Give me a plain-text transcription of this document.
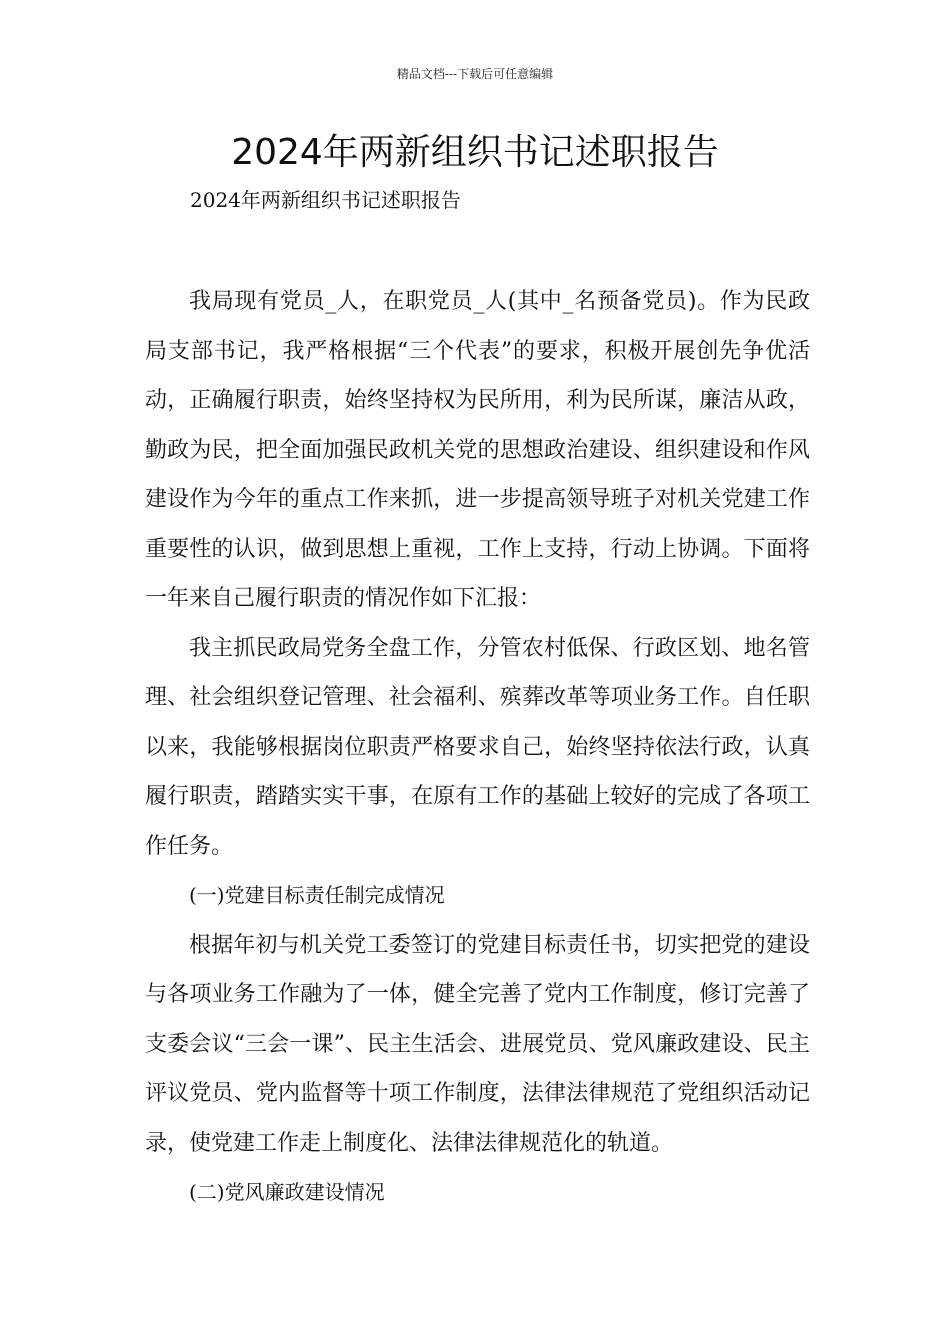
精品文档---下载后可任意编辑
2024年两新组织书记述职报告

2024年两新组织书记述职报告

我局现有党员_人，在职党员_人(其中_名预备党员)。作为民政局支部书记，我严格根据“三个代表”的要求，积极开展创先争优活动，正确履行职责，始终坚持权为民所用，利为民所谋，廉洁从政，勤政为民，把全面加强民政机关党的思想政治建设、组织建设和作风建设作为今年的重点工作来抓，进一步提高领导班子对机关党建工作重要性的认识，做到思想上重视，工作上支持，行动上协调。下面将一年来自己履行职责的情况作如下汇报：

我主抓民政局党务全盘工作，分管农村低保、行政区划、地名管理、社会组织登记管理、社会福利、殡葬改革等项业务工作。自任职以来，我能够根据岗位职责严格要求自己，始终坚持依法行政，认真履行职责，踏踏实实干事，在原有工作的基础上较好的完成了各项工作任务。

(一)党建目标责任制完成情况

根据年初与机关党工委签订的党建目标责任书，切实把党的建设与各项业务工作融为了一体，健全完善了党内工作制度，修订完善了支委会议“三会一课”、民主生活会、进展党员、党风廉政建设、民主评议党员、党内监督等十项工作制度，法律法律规范了党组织活动记录，使党建工作走上制度化、法律法律规范化的轨道。

(二)党风廉政建设情况
